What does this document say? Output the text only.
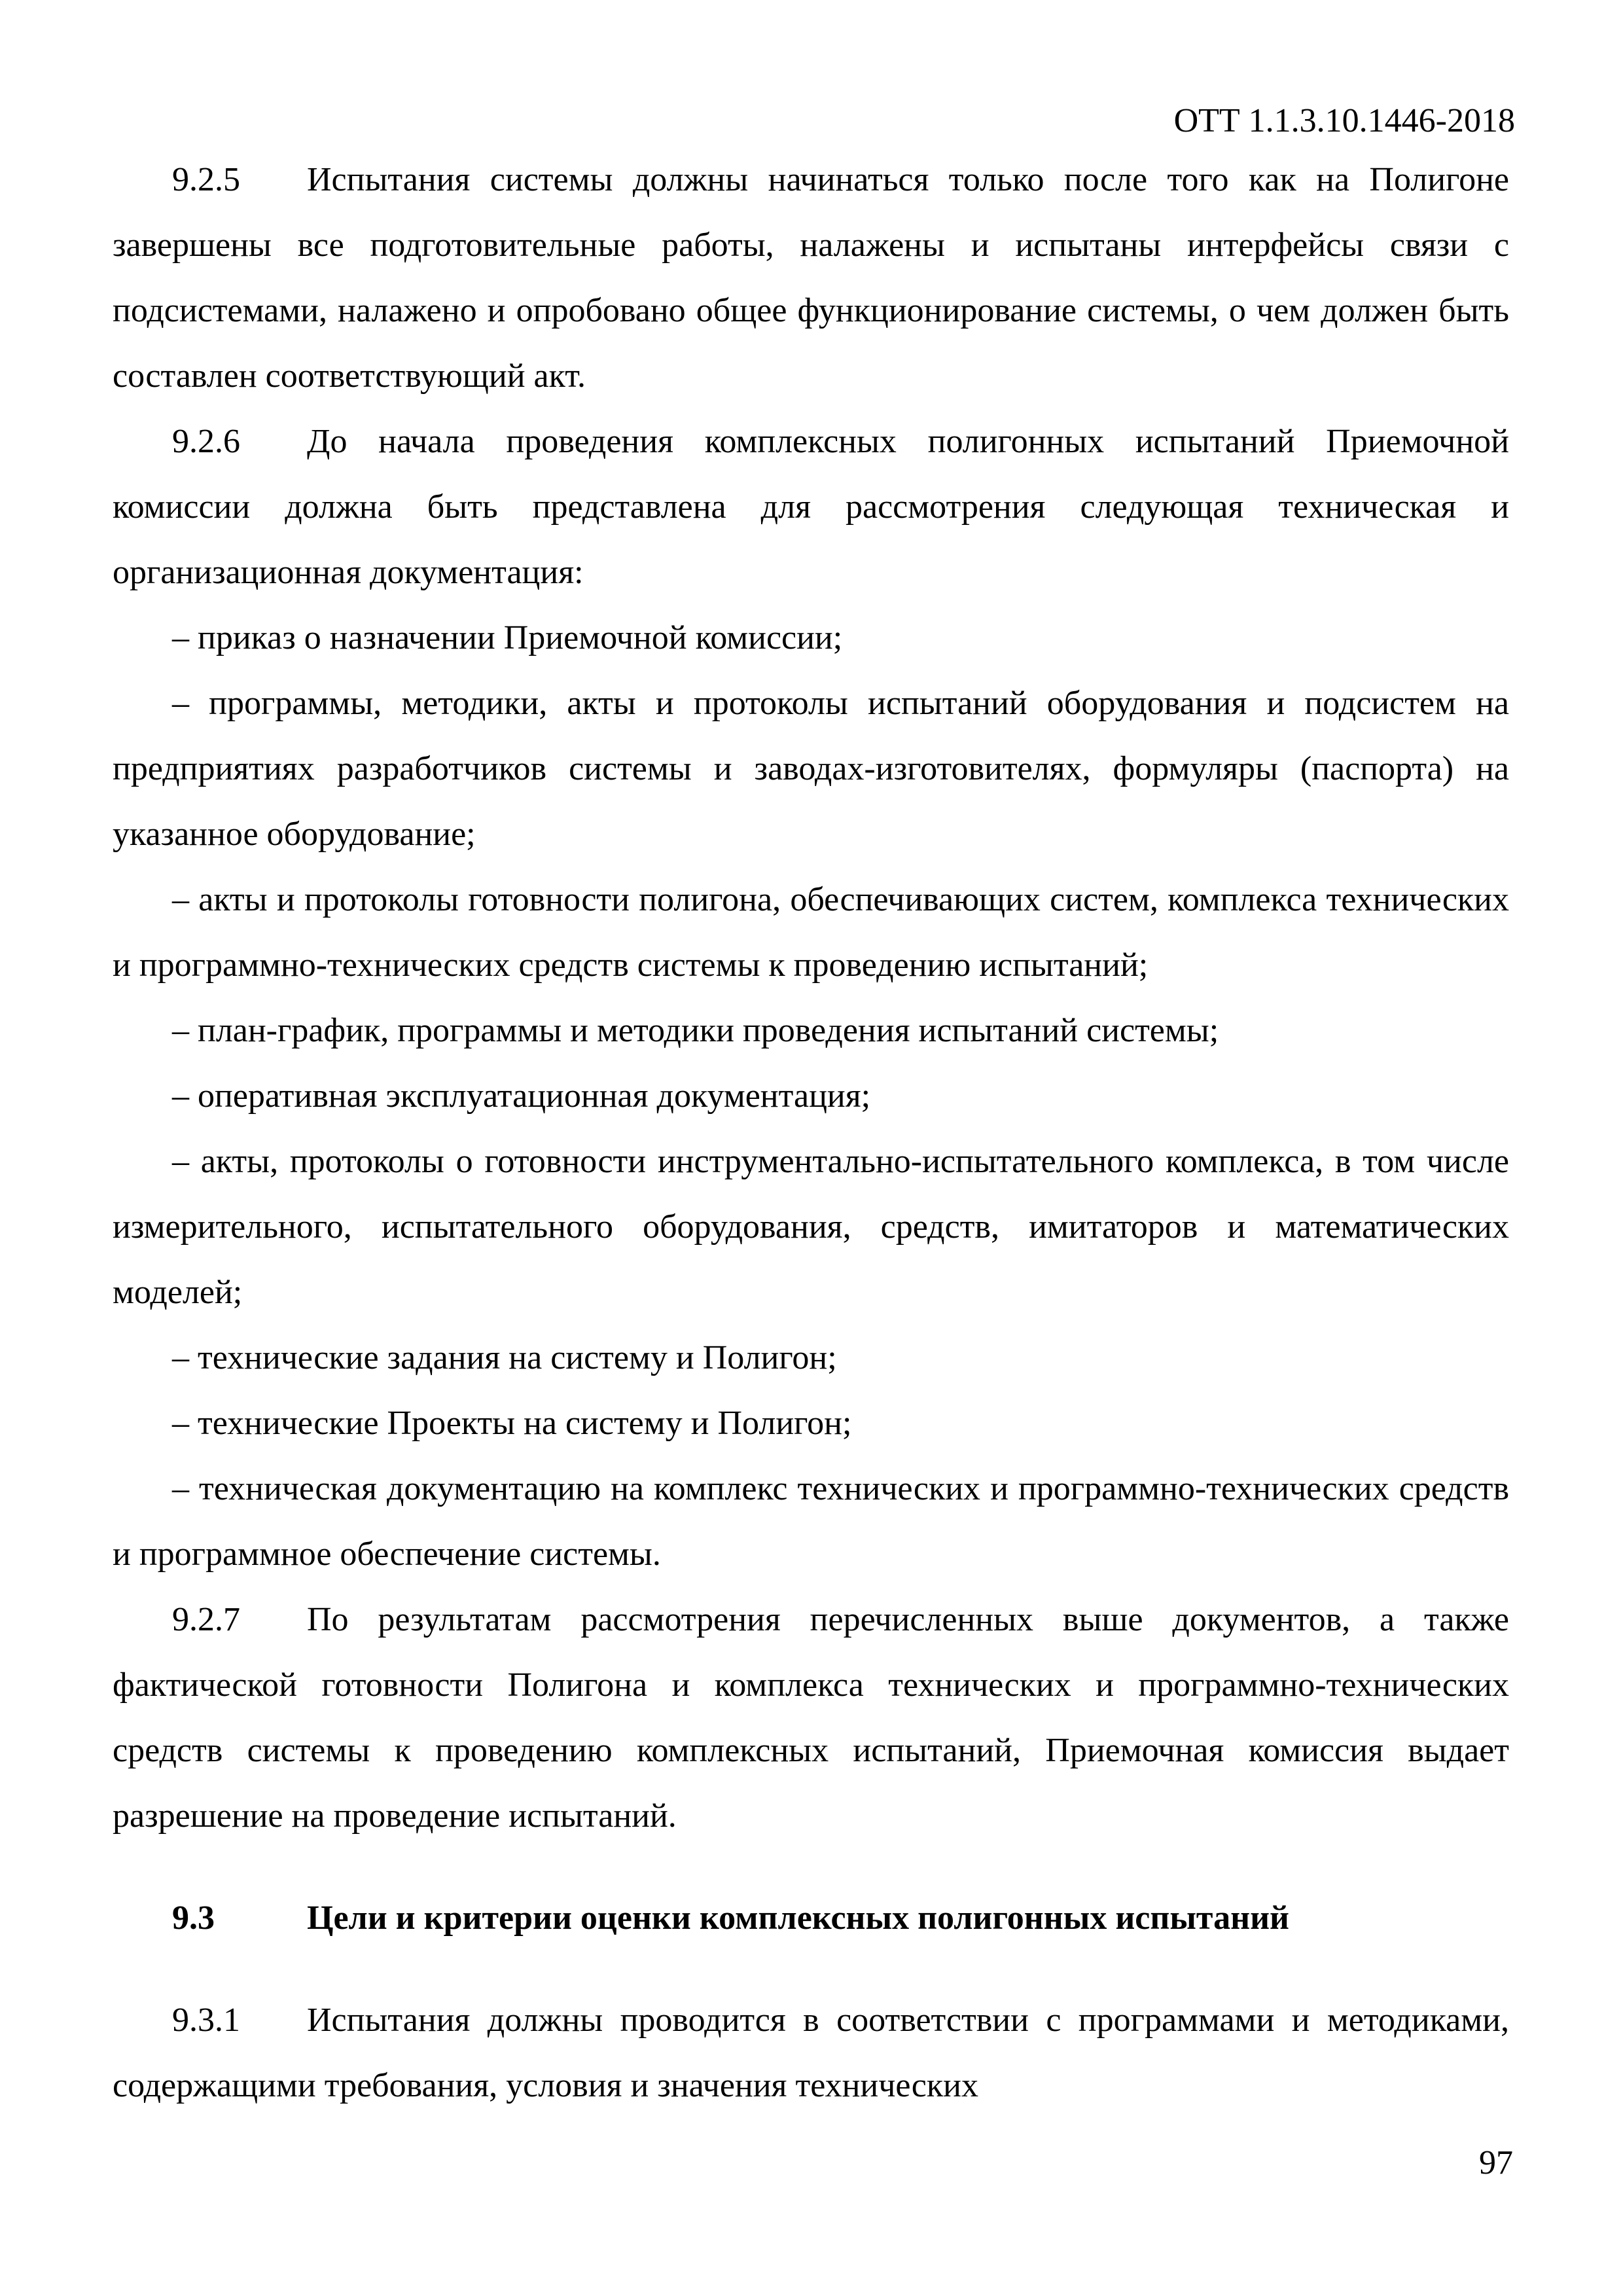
ОТТ 1.1.3.10.1446-2018

9.2.5 Испытания системы должны начинаться только после того как на Полигоне завершены все подготовительные работы, налажены и испытаны интерфейсы связи с подсистемами, налажено и опробовано общее функционирование системы, о чем должен быть составлен соответствующий акт.

9.2.6 До начала проведения комплексных полигонных испытаний Приемочной комиссии должна быть представлена для рассмотрения следующая техническая и организационная документация:

– приказ о назначении Приемочной комиссии;

– программы, методики, акты и протоколы испытаний оборудования и подсистем на предприятиях разработчиков системы и заводах-изготовителях, формуляры (паспорта) на указанное оборудование;

– акты и протоколы готовности полигона, обеспечивающих систем, комплекса технических и программно-технических средств системы к проведению испытаний;

– план-график, программы и методики проведения испытаний системы;

– оперативная эксплуатационная документация;

– акты, протоколы о готовности инструментально-испытательного комплекса, в том числе измерительного, испытательного оборудования, средств, имитаторов и математических моделей;

– технические задания на систему и Полигон;

– технические Проекты на систему и Полигон;

– техническая документацию на комплекс технических и программно-технических средств и программное обеспечение системы.

9.2.7 По результатам рассмотрения перечисленных выше документов, а также фактической готовности Полигона и комплекса технических и программно-технических средств системы к проведению комплексных испытаний, Приемочная комиссия выдает разрешение на проведение испытаний.

9.3	Цели и критерии оценки комплексных полигонных испытаний

9.3.1 Испытания должны проводится в соответствии с программами и методиками, содержащими требования, условия и значения технических

97
